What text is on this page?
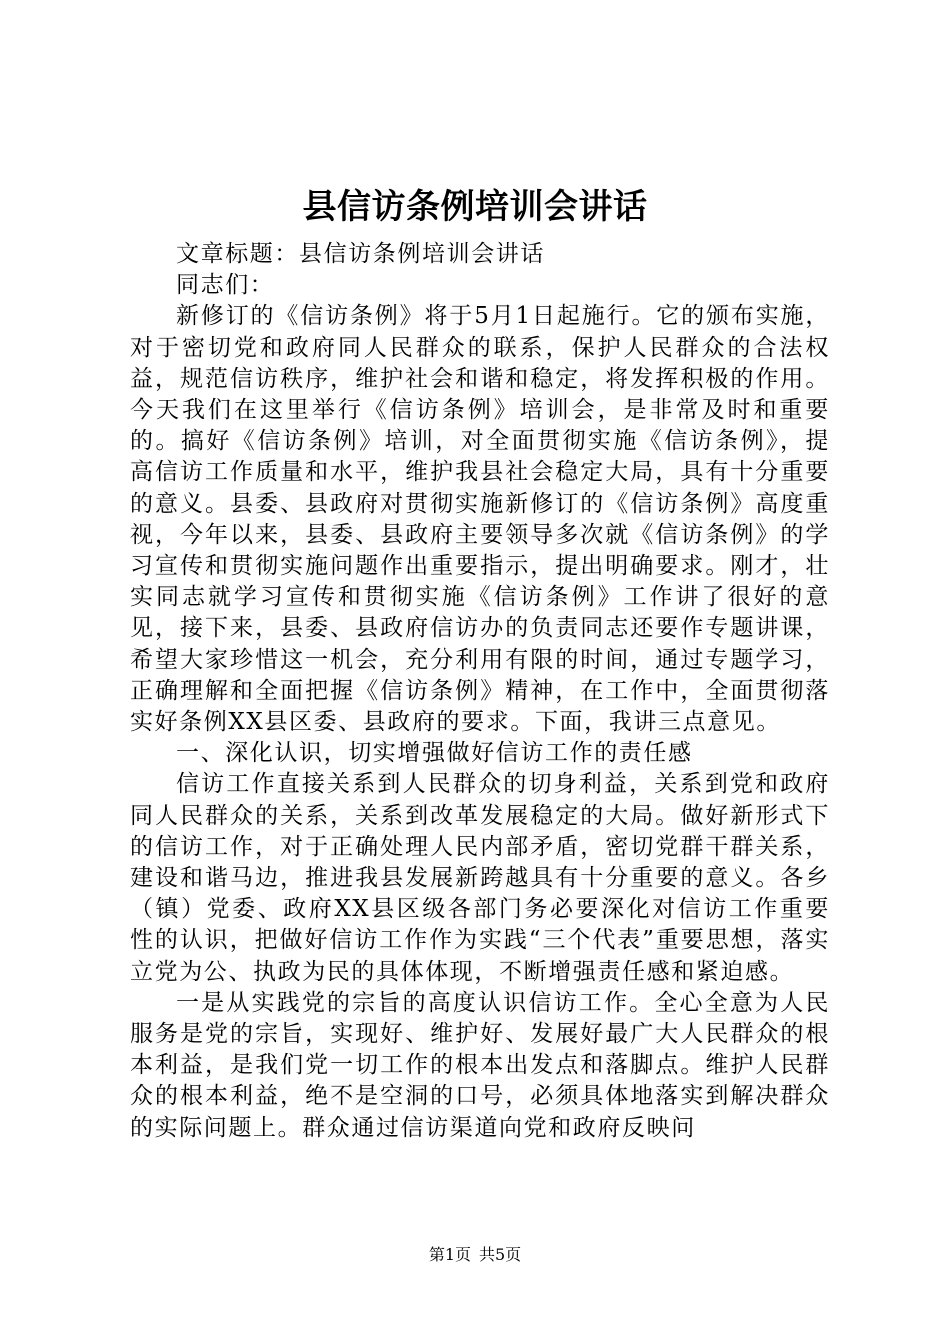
县信访条例培训会讲话

文章标题：县信访条例培训会讲话

同志们：

新修订的《信访条例》将于5月1日起施行。它的颁布实施，对于密切党和政府同人民群众的联系，保护人民群众的合法权益，规范信访秩序，维护社会和谐和稳定，将发挥积极的作用。今天我们在这里举行《信访条例》培训会，是非常及时和重要的。搞好《信访条例》培训，对全面贯彻实施《信访条例》，提高信访工作质量和水平，维护我县社会稳定大局，具有十分重要的意义。县委、县政府对贯彻实施新修订的《信访条例》高度重视，今年以来，县委、县政府主要领导多次就《信访条例》的学习宣传和贯彻实施问题作出重要指示，提出明确要求。刚才，壮实同志就学习宣传和贯彻实施《信访条例》工作讲了很好的意见，接下来，县委、县政府信访办的负责同志还要作专题讲课，希望大家珍惜这一机会，充分利用有限的时间，通过专题学习，正确理解和全面把握《信访条例》精神，在工作中，全面贯彻落实好条例XX县区委、县政府的要求。下面，我讲三点意见。

一、深化认识，切实增强做好信访工作的责任感

信访工作直接关系到人民群众的切身利益，关系到党和政府同人民群众的关系，关系到改革发展稳定的大局。做好新形式下的信访工作，对于正确处理人民内部矛盾，密切党群干群关系，建设和谐马边，推进我县发展新跨越具有十分重要的意义。各乡（镇）党委、政府XX县区级各部门务必要深化对信访工作重要性的认识，把做好信访工作作为实践“三个代表”重要思想，落实立党为公、执政为民的具体体现，不断增强责任感和紧迫感。

一是从实践党的宗旨的高度认识信访工作。全心全意为人民服务是党的宗旨，实现好、维护好、发展好最广大人民群众的根本利益，是我们党一切工作的根本出发点和落脚点。维护人民群众的根本利益，绝不是空洞的口号，必须具体地落实到解决群众的实际问题上。群众通过信访渠道向党和政府反映问

第1页 共5页
